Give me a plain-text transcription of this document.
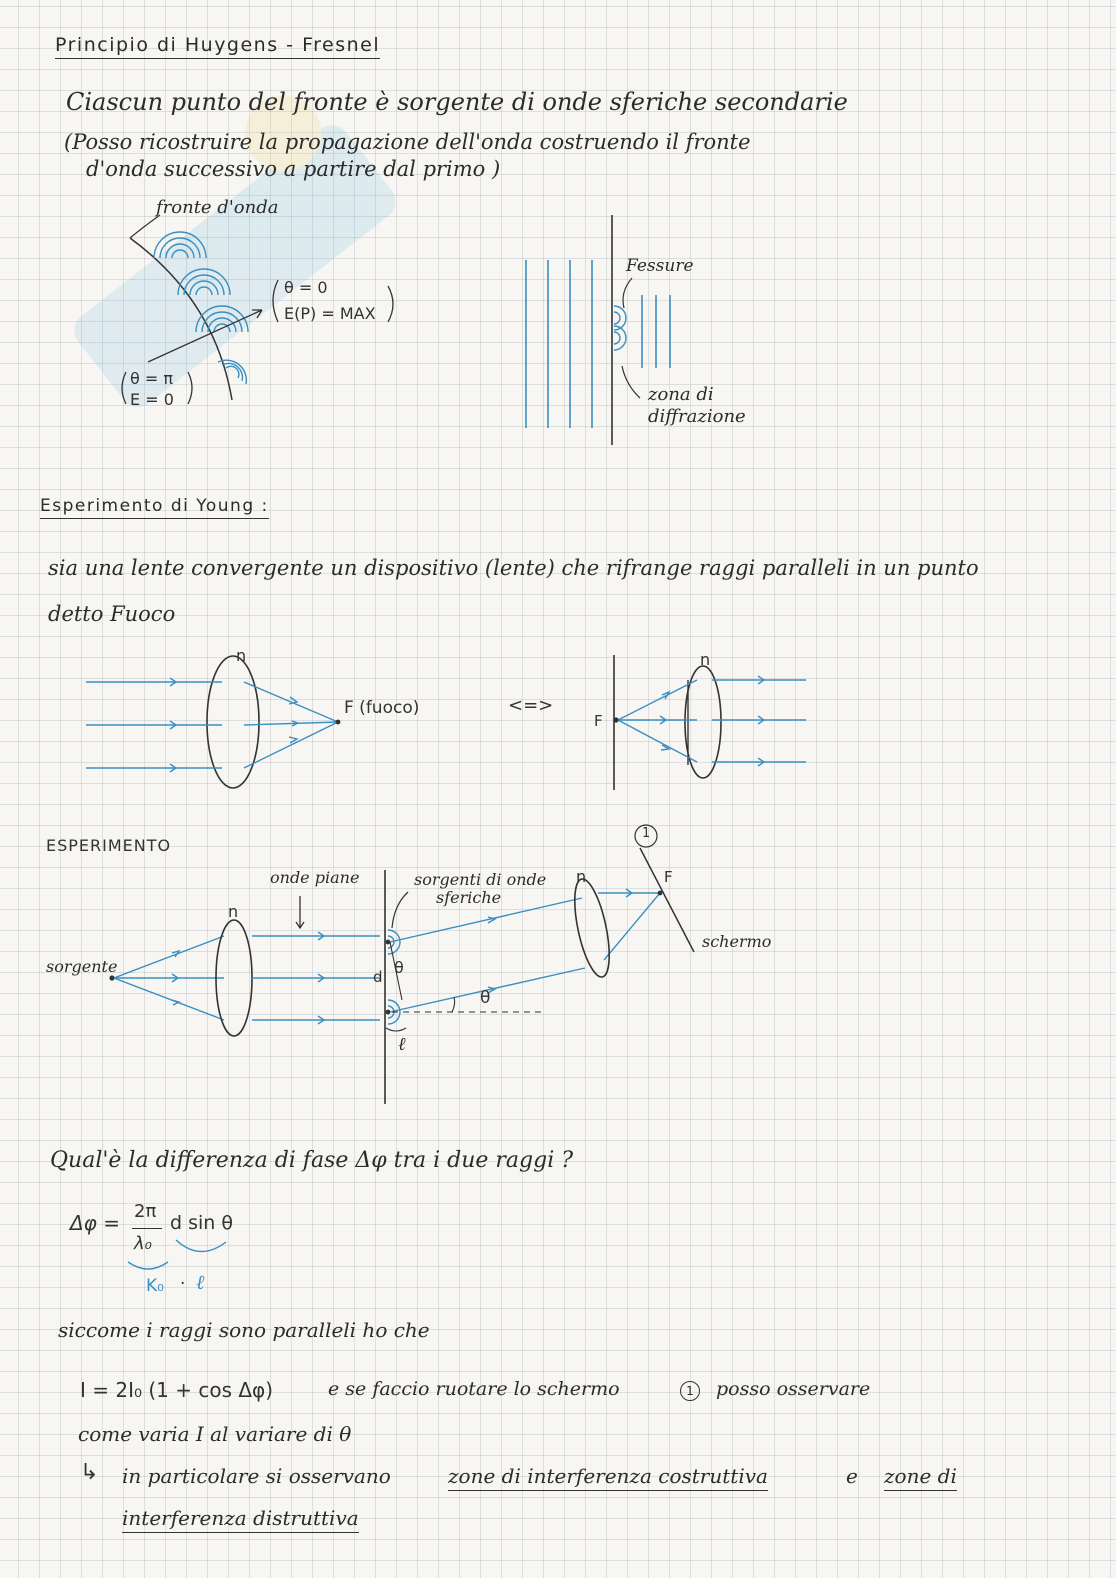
Principio di Huygens - Fresnel
Ciascun punto del fronte è sorgente di onde sferiche secondarie
(Posso ricostruire la propagazione dell'onda costruendo il fronte
d'onda successivo a partire dal primo )
fronte d'onda
θ = 0
E(P) = MAX
θ = π
E = 0
Fessure
zona di
diffrazione
Esperimento di Young :
sia una lente convergente un dispositivo (lente) che rifrange raggi paralleli in un punto
detto Fuoco
n
F (fuoco)	<=>
F
n
ESPERIMENTO
onde piane	sorgenti di onde
sferiche
sorgente
n
n
d θ
θ
ℓ
F
schermo
1
Qual'è la differenza di fase Δφ tra i due raggi ?
Δφ = 2π
λ₀
d sin θ
K₀ · ℓ
siccome i raggi sono paralleli ho che
I = 2I₀ (1 + cos Δφ)	e se faccio ruotare lo schermo	1	posso osservare
come varia I al variare di θ
↳ in particolare si osservano	zone di interferenza costruttiva	e zone di
interferenza distruttiva
